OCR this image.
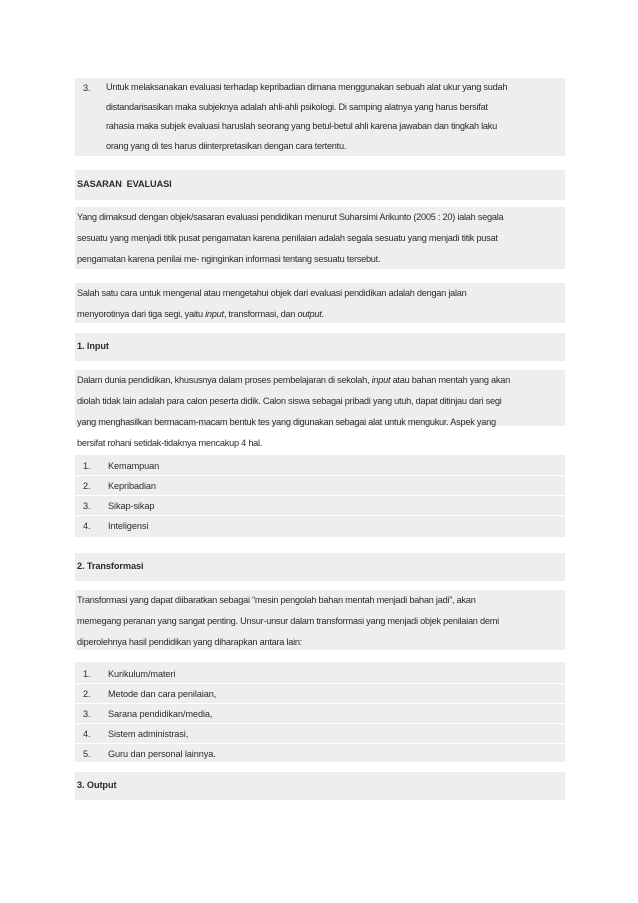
3. Untuk melaksanakan evaluasi terhadap kepribadian dimana menggunakan sebuah alat ukur yang sudah
distandarisasikan maka subjeknya adalah ahli-ahli psikologi. Di samping alatnya yang harus bersifat
rahasia maka subjek evaluasi haruslah seorang yang betul-betul ahli karena jawaban dan tingkah laku
orang yang di tes harus diinterpretasikan dengan cara tertentu.
SASARAN  EVALUASI
Yang dimaksud dengan objek/sasaran evaluasi pendidikan menurut Suharsimi Arikunto (2005 : 20) ialah segala
sesuatu yang menjadi titik pusat pengamatan karena penilaian adalah segala sesuatu yang menjadi titik pusat
pengamatan karena penilai me- nginginkan informasi tentang sesuatu tersebut.
Salah satu cara untuk mengenal atau mengetahui objek dari evaluasi pendidikan adalah dengan jalan
menyorotinya dari tiga segi, yaitu input, transformasi, dan output.
1. Input
Dalam dunia pendidikan, khususnya dalam proses pembelajaran di sekolah, input atau bahan mentah yang akan
diolah tidak lain adalah para calon peserta didik. Calon siswa sebagai pribadi yang utuh, dapat ditinjau dari segi
yang menghasilkan bermacam-macam bentuk tes yang digunakan sebagai alat untuk mengukur. Aspek yang
bersifat rohani setidak-tidaknya mencakup 4 hal.
1.	Kemampuan
2.	Kepribadian
3.	Sikap-sikap
4.	Inteligensi
2. Transformasi
Transformasi yang dapat diibaratkan sebagai “mesin pengolah bahan mentah menjadi bahan jadi”, akan
memegang peranan yang sangat penting. Unsur-unsur dalam transformasi yang menjadi objek penilaian demi
diperolehnya hasil pendidikan yang diharapkan antara lain:
1.	Kurikulum/materi
2.	Metode dan cara penilaian,
3.	Sarana pendidikan/media,
4.	Sistem administrasi,
5.	Guru dan personal lainnya.
3. Output
